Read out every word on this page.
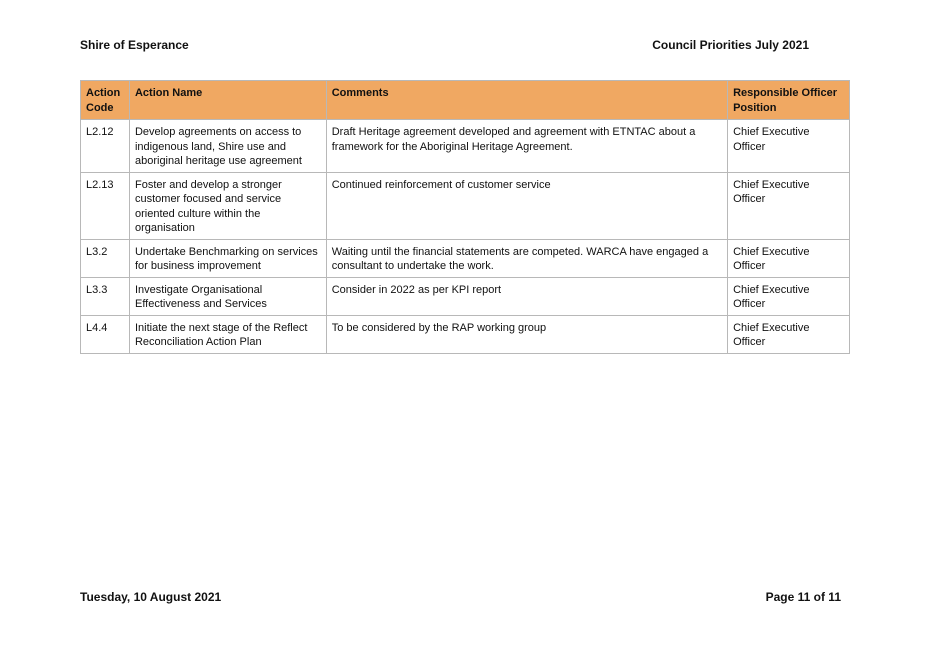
Shire of Esperance	Council Priorities July 2021
Action Code	Action Name	Comments	Responsible Officer Position
L2.12	Develop agreements on access to indigenous land, Shire use and aboriginal heritage use agreement	Draft Heritage agreement developed and agreement with ETNTAC about a framework for the Aboriginal Heritage Agreement.	Chief Executive Officer
L2.13	Foster and develop a stronger customer focused and service oriented culture within the organisation	Continued reinforcement of customer service	Chief Executive Officer
L3.2	Undertake Benchmarking on services for business improvement	Waiting until the financial statements are competed. WARCA have engaged a consultant to undertake the work.	Chief Executive Officer
L3.3	Investigate Organisational Effectiveness and Services	Consider in 2022 as per KPI report	Chief Executive Officer
L4.4	Initiate the next stage of the Reflect Reconciliation Action Plan	To be considered by the RAP working group	Chief Executive Officer
Tuesday, 10 August 2021	Page 11 of 11
